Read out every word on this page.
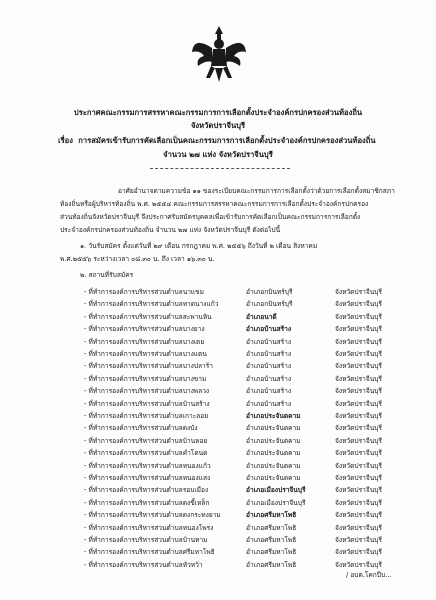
ประกาศคณะกรรมการสรรหาคณะกรรมการการเลือกตั้งประจำองค์กรปกครองส่วนท้องถิ่น
จังหวัดปราจีนบุรี
เรื่อง การสมัครเข้ารับการคัดเลือกเป็นคณะกรรมการการเลือกตั้งประจำองค์กรปกครองส่วนท้องถิ่น
จำนวน ๒๗ แห่ง จังหวัดปราจีนบุรี
อาศัยอำนาจตามความข้อ ๑๑ ของระเบียบคณะกรรมการการเลือกตั้งว่าด้วยการเลือกตั้งสมาชิกสภา
ท้องถิ่นหรือผู้บริหารท้องถิ่น พ.ศ. ๒๕๕๔ คณะกรรมการสรรหาคณะกรรมการการเลือกตั้งประจำองค์กรปกครอง
ส่วนท้องถิ่นจังหวัดปราจีนบุรี จึงประกาศรับสมัครบุคคลเพื่อเข้ารับการคัดเลือกเป็นคณะกรรมการการเลือกตั้ง
ประจำองค์กรปกครองส่วนท้องถิ่น จำนวน ๒๗ แห่ง จังหวัดปราจีนบุรี ดังต่อไปนี้
๑. วันรับสมัคร ตั้งแต่วันที่ ๒๙ เดือน กรกฎาคม พ.ศ. ๒๕๕๖ ถึงวันที่ ๒ เดือน สิงหาคม
พ.ศ.๒๕๕๖ ระหว่างเวลา ๐๘.๓๐ น. ถึง เวลา ๑๖.๓๐ น.
๒. สถานที่รับสมัคร
- ที่ทำการองค์การบริหารส่วนตำบลนาแขม	อำเภอกบินทร์บุรี	จังหวัดปราจีนบุรี
- ที่ทำการองค์การบริหารส่วนตำบลหาดนางแก้ว	อำเภอกบินทร์บุรี	จังหวัดปราจีนบุรี
- ที่ทำการองค์การบริหารส่วนตำบลสะพานหิน	อำเภอนาดี	จังหวัดปราจีนบุรี
- ที่ทำการองค์การบริหารส่วนตำบลบางยาง	อำเภอบ้านสร้าง	จังหวัดปราจีนบุรี
- ที่ทำการองค์การบริหารส่วนตำบลบางเตย	อำเภอบ้านสร้าง	จังหวัดปราจีนบุรี
- ที่ทำการองค์การบริหารส่วนตำบลบางแตน	อำเภอบ้านสร้าง	จังหวัดปราจีนบุรี
- ที่ทำการองค์การบริหารส่วนตำบลบางปลาร้า	อำเภอบ้านสร้าง	จังหวัดปราจีนบุรี
- ที่ทำการองค์การบริหารส่วนตำบลบางขาม	อำเภอบ้านสร้าง	จังหวัดปราจีนบุรี
- ที่ทำการองค์การบริหารส่วนตำบลบางพลวง	อำเภอบ้านสร้าง	จังหวัดปราจีนบุรี
- ที่ทำการองค์การบริหารส่วนตำบลบ้านสร้าง	อำเภอบ้านสร้าง	จังหวัดปราจีนบุรี
- ที่ทำการองค์การบริหารส่วนตำบลเกาะลอย	อำเภอประจันตคาม	จังหวัดปราจีนบุรี
- ที่ทำการองค์การบริหารส่วนตำบลดงบัง	อำเภอประจันตคาม	จังหวัดปราจีนบุรี
- ที่ทำการองค์การบริหารส่วนตำบลบ้านหอย	อำเภอประจันตคาม	จังหวัดปราจีนบุรี
- ที่ทำการองค์การบริหารส่วนตำบลคำโตนด	อำเภอประจันตคาม	จังหวัดปราจีนบุรี
- ที่ทำการองค์การบริหารส่วนตำบลหนองแก้ว	อำเภอประจันตคาม	จังหวัดปราจีนบุรี
- ที่ทำการองค์การบริหารส่วนตำบลหนองแสง	อำเภอประจันตคาม	จังหวัดปราจีนบุรี
- ที่ทำการองค์การบริหารส่วนตำบลรอบเมือง	อำเภอเมืองปราจีนบุรี	จังหวัดปราจีนบุรี
- ที่ทำการองค์การบริหารส่วนตำบลดงขี้เหล็ก	อำเภอเมืองปราจีนบุรี	จังหวัดปราจีนบุรี
- ที่ทำการองค์การบริหารส่วนตำบลดงกระทงยาม	อำเภอศรีมหาโพธิ	จังหวัดปราจีนบุรี
- ที่ทำการองค์การบริหารส่วนตำบลหนองโพรง	อำเภอศรีมหาโพธิ	จังหวัดปราจีนบุรี
- ที่ทำการองค์การบริหารส่วนตำบลบ้านทาม	อำเภอศรีมหาโพธิ	จังหวัดปราจีนบุรี
- ที่ทำการองค์การบริหารส่วนตำบลศรีมหาโพธิ	อำเภอศรีมหาโพธิ	จังหวัดปราจีนบุรี
- ที่ทำการองค์การบริหารส่วนตำบลหัวหว้า	อำเภอศรีมหาโพธิ	จังหวัดปราจีนบุรี
/ อบต.โคกปีบ...
